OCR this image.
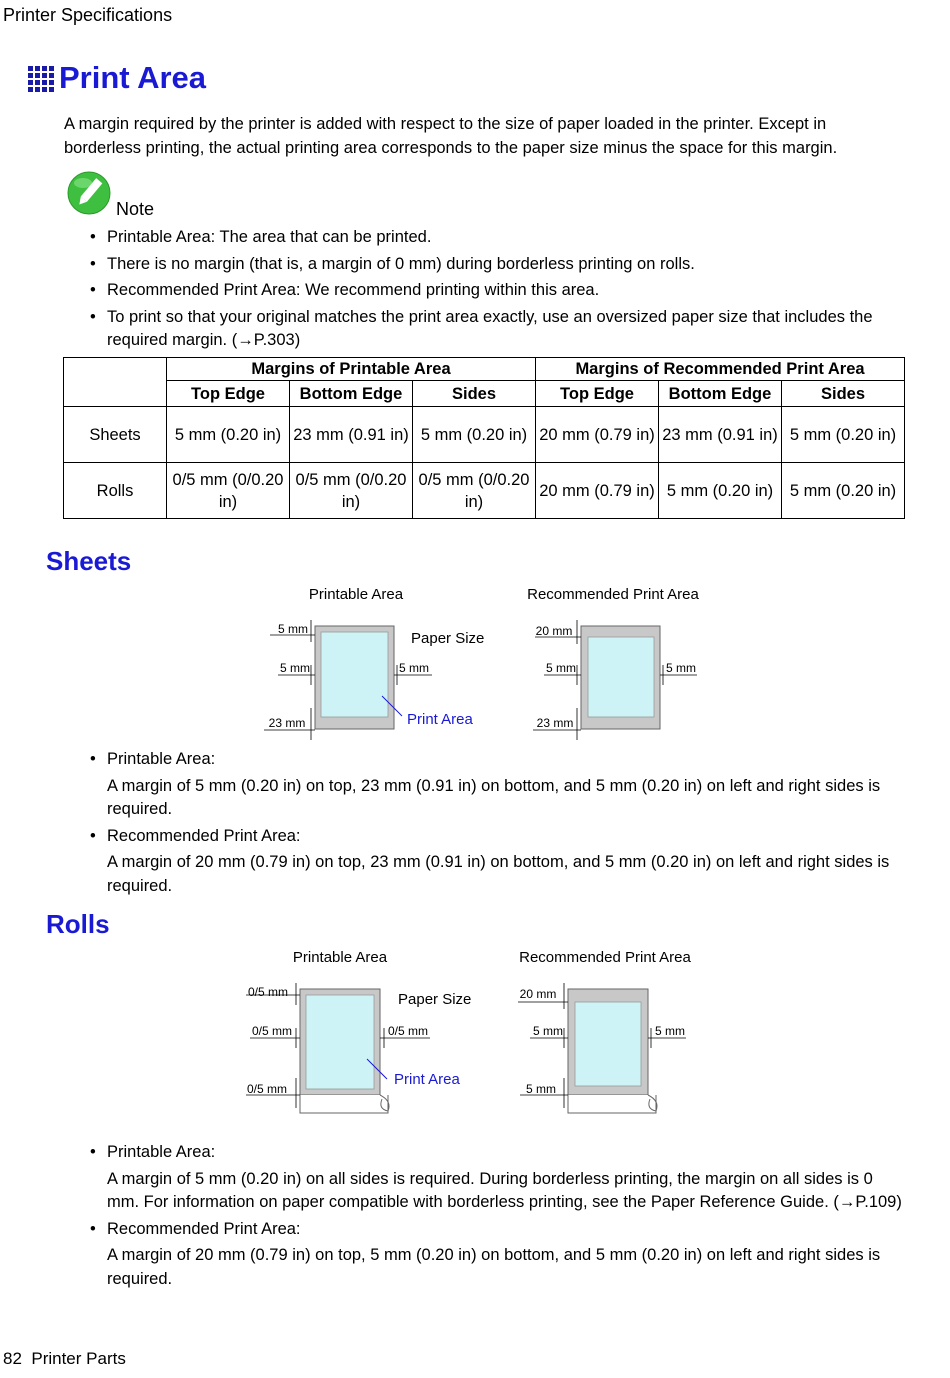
Printer Specifications
Print Area
A margin required by the printer is added with respect to the size of paper loaded in the printer. Except in borderless printing, the actual printing area corresponds to the paper size minus the space for this margin.
Note
• Printable Area: The area that can be printed.
• There is no margin (that is, a margin of 0 mm) during borderless printing on rolls.
• Recommended Print Area: We recommend printing within this area.
• To print so that your original matches the print area exactly, use an oversized paper size that includes the required margin. (→P.303)
	Margins of Printable Area			Margins of Recommended Print Area		
	Top Edge	Bottom Edge	Sides	Top Edge	Bottom Edge	Sides
Sheets	5 mm (0.20 in)	23 mm (0.91 in)	5 mm (0.20 in)	20 mm (0.79 in)	23 mm (0.91 in)	5 mm (0.20 in)
Rolls	0/5 mm (0/0.20 in)	0/5 mm (0/0.20 in)	0/5 mm (0/0.20 in)	20 mm (0.79 in)	5 mm (0.20 in)	5 mm (0.20 in)
Sheets
Printable Area	Recommended Print Area
5 mm
5 mm	5 mm
23 mm
Paper Size
Print Area
20 mm
5 mm	5 mm
23 mm
• Printable Area:
A margin of 5 mm (0.20 in) on top, 23 mm (0.91 in) on bottom, and 5 mm (0.20 in) on left and right sides is required.
• Recommended Print Area:
A margin of 20 mm (0.79 in) on top, 23 mm (0.91 in) on bottom, and 5 mm (0.20 in) on left and right sides is required.
Rolls
Printable Area	Recommended Print Area
0/5 mm
0/5 mm	0/5 mm
0/5 mm
Paper Size
Print Area
20 mm
5 mm	5 mm
5 mm
• Printable Area:
A margin of 5 mm (0.20 in) on all sides is required. During borderless printing, the margin on all sides is 0 mm. For information on paper compatible with borderless printing, see the Paper Reference Guide. (→P.109)
• Recommended Print Area:
A margin of 20 mm (0.79 in) on top, 5 mm (0.20 in) on bottom, and 5 mm (0.20 in) on left and right sides is required.
82  Printer Parts
